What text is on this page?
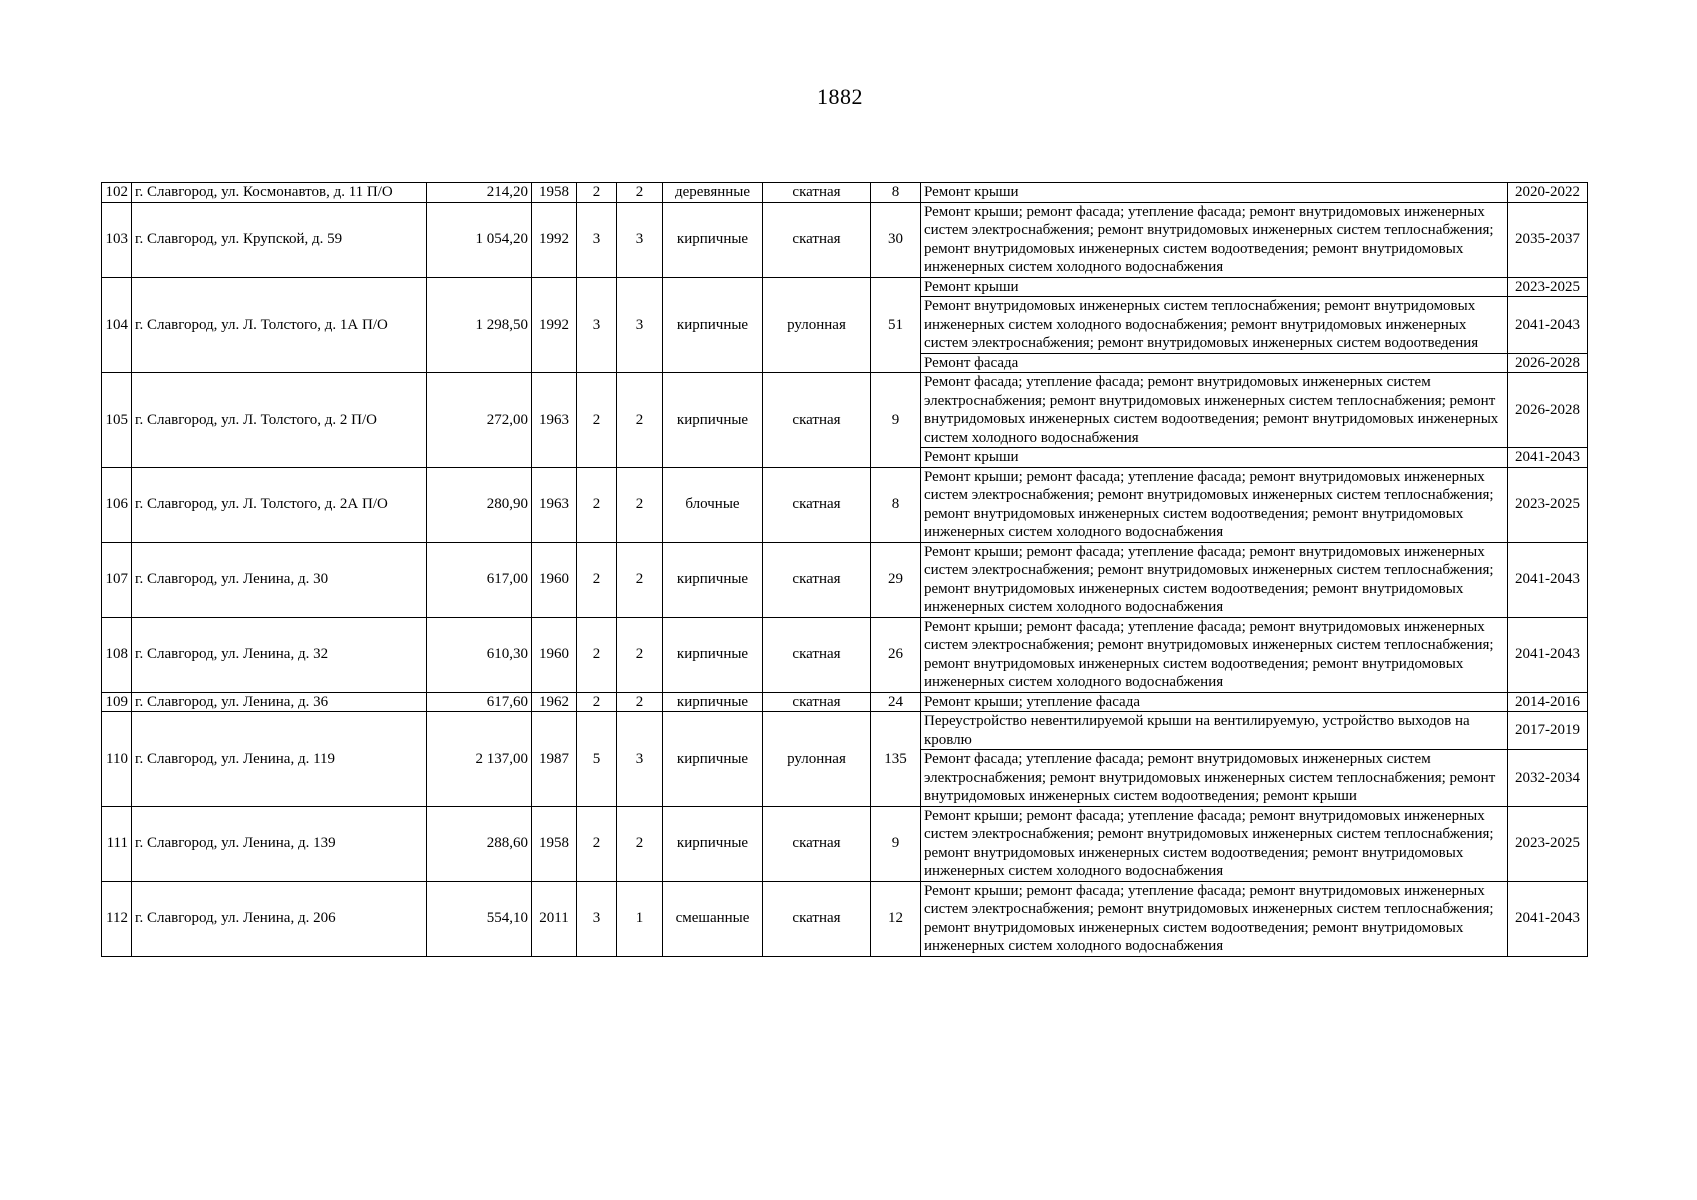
1882
102	г. Славгород, ул. Космонавтов, д. 11 П/О	214,20	1958	2	2	деревянные	скатная	8	Ремонт крыши	2020-2022
103	г. Славгород, ул. Крупской, д. 59	1 054,20	1992	3	3	кирпичные	скатная	30	Ремонт крыши; ремонт фасада; утепление фасада; ремонт внутридомовых инженерных систем электроснабжения; ремонт внутридомовых инженерных систем теплоснабжения; ремонт внутридомовых инженерных систем водоотведения; ремонт внутридомовых инженерных систем холодного водоснабжения	2035-2037
104	г. Славгород, ул. Л. Толстого, д. 1А П/О	1 298,50	1992	3	3	кирпичные	рулонная	51	Ремонт крыши	2023-2025
									Ремонт внутридомовых инженерных систем теплоснабжения; ремонт внутридомовых инженерных систем холодного водоснабжения; ремонт внутридомовых инженерных систем электроснабжения; ремонт внутридомовых инженерных систем водоотведения	2041-2043
									Ремонт фасада	2026-2028
105	г. Славгород, ул. Л. Толстого, д. 2 П/О	272,00	1963	2	2	кирпичные	скатная	9	Ремонт фасада; утепление фасада; ремонт внутридомовых инженерных систем электроснабжения; ремонт внутридомовых инженерных систем теплоснабжения; ремонт внутридомовых инженерных систем водоотведения; ремонт внутридомовых инженерных систем холодного водоснабжения	2026-2028
									Ремонт крыши	2041-2043
106	г. Славгород, ул. Л. Толстого, д. 2А П/О	280,90	1963	2	2	блочные	скатная	8	Ремонт крыши; ремонт фасада; утепление фасада; ремонт внутридомовых инженерных систем электроснабжения; ремонт внутридомовых инженерных систем теплоснабжения; ремонт внутридомовых инженерных систем водоотведения; ремонт внутридомовых инженерных систем холодного водоснабжения	2023-2025
107	г. Славгород, ул. Ленина, д. 30	617,00	1960	2	2	кирпичные	скатная	29	Ремонт крыши; ремонт фасада; утепление фасада; ремонт внутридомовых инженерных систем электроснабжения; ремонт внутридомовых инженерных систем теплоснабжения; ремонт внутридомовых инженерных систем водоотведения; ремонт внутридомовых инженерных систем холодного водоснабжения	2041-2043
108	г. Славгород, ул. Ленина, д. 32	610,30	1960	2	2	кирпичные	скатная	26	Ремонт крыши; ремонт фасада; утепление фасада; ремонт внутридомовых инженерных систем электроснабжения; ремонт внутридомовых инженерных систем теплоснабжения; ремонт внутридомовых инженерных систем водоотведения; ремонт внутридомовых инженерных систем холодного водоснабжения	2041-2043
109	г. Славгород, ул. Ленина, д. 36	617,60	1962	2	2	кирпичные	скатная	24	Ремонт крыши; утепление фасада	2014-2016
110	г. Славгород, ул. Ленина, д. 119	2 137,00	1987	5	3	кирпичные	рулонная	135	Переустройство невентилируемой крыши на вентилируемую, устройство выходов на кровлю	2017-2019
									Ремонт фасада; утепление фасада; ремонт внутридомовых инженерных систем электроснабжения; ремонт внутридомовых инженерных систем теплоснабжения; ремонт внутридомовых инженерных систем водоотведения; ремонт крыши	2032-2034
111	г. Славгород, ул. Ленина, д. 139	288,60	1958	2	2	кирпичные	скатная	9	Ремонт крыши; ремонт фасада; утепление фасада; ремонт внутридомовых инженерных систем электроснабжения; ремонт внутридомовых инженерных систем теплоснабжения; ремонт внутридомовых инженерных систем водоотведения; ремонт внутридомовых инженерных систем холодного водоснабжения	2023-2025
112	г. Славгород, ул. Ленина, д. 206	554,10	2011	3	1	смешанные	скатная	12	Ремонт крыши; ремонт фасада; утепление фасада; ремонт внутридомовых инженерных систем электроснабжения; ремонт внутридомовых инженерных систем теплоснабжения; ремонт внутридомовых инженерных систем водоотведения; ремонт внутридомовых инженерных систем холодного водоснабжения	2041-2043
